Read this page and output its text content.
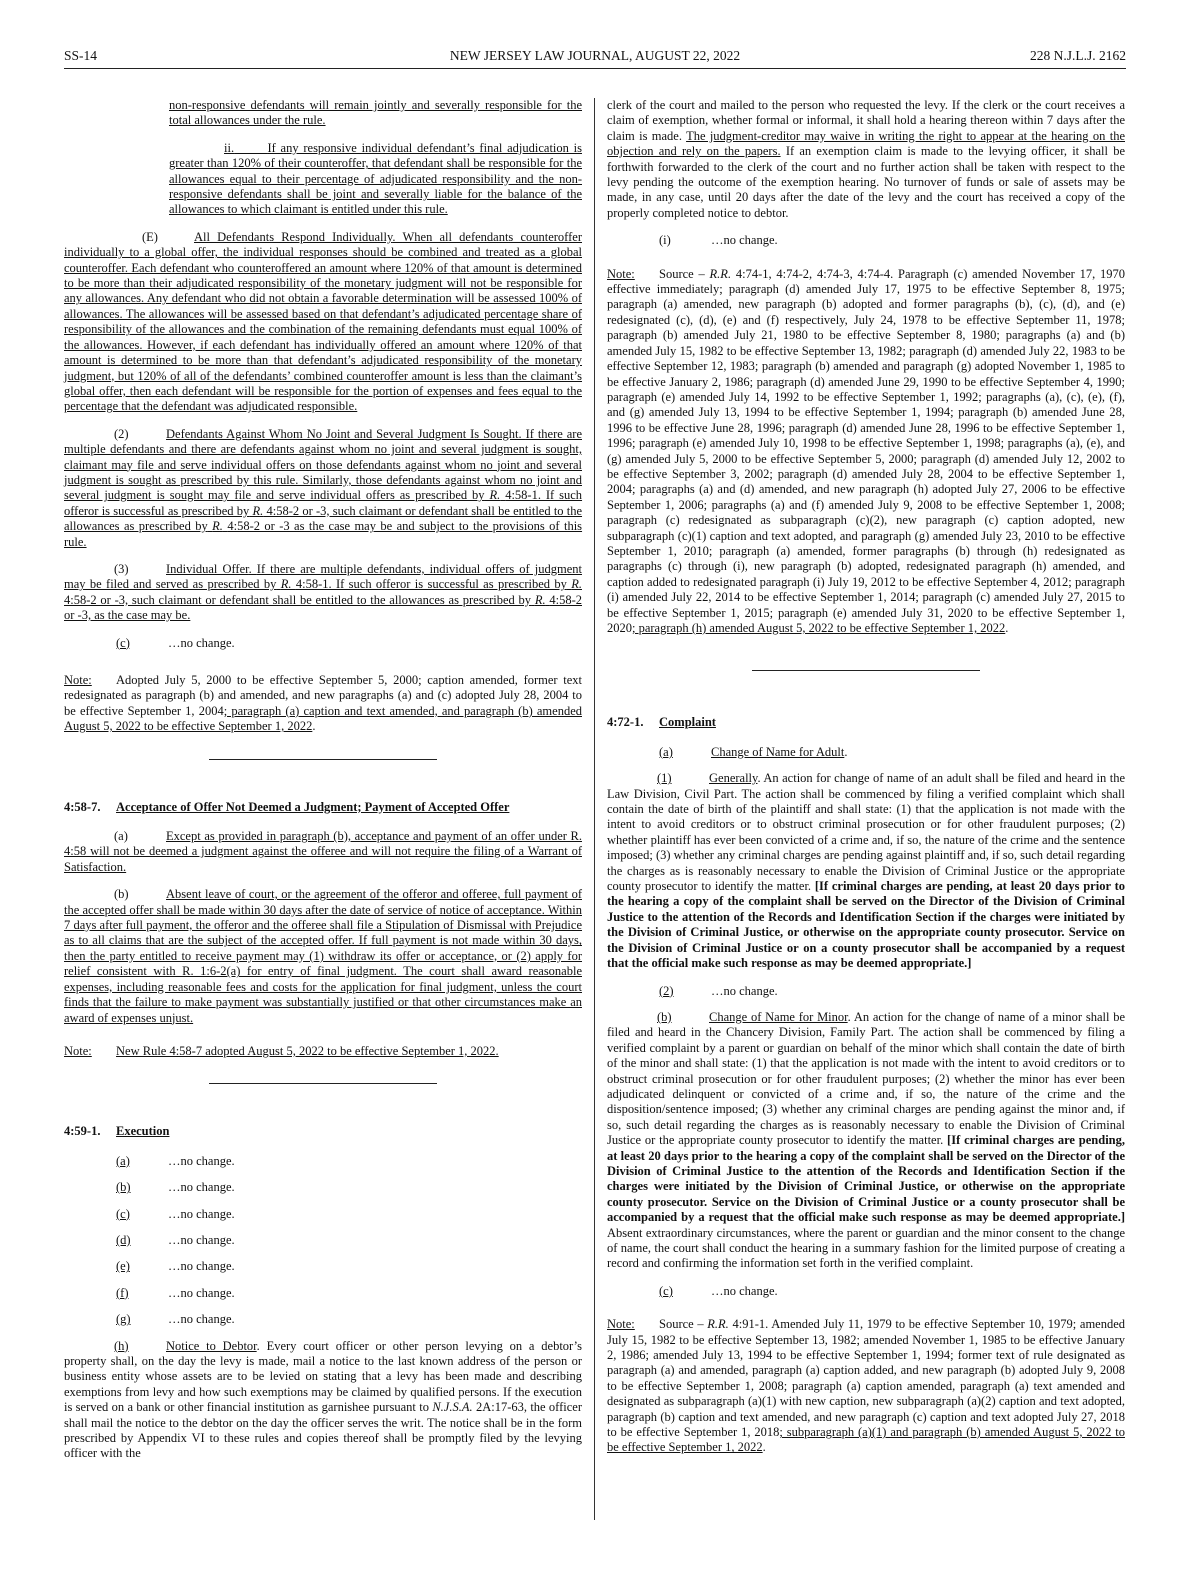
SS-14	NEW JERSEY LAW JOURNAL, AUGUST 22, 2022	228 N.J.L.J. 2162

non-responsive defendants will remain jointly and severally responsible for the total allowances under the rule.

ii.	If any responsive individual defendant’s final adjudication is greater than 120% of their counteroffer, that defendant shall be responsible for the allowances equal to their percentage of adjudicated responsibility and the non-responsive defendants shall be joint and severally liable for the balance of the allowances to which claimant is entitled under this rule.

(E)	All Defendants Respond Individually. When all defendants counteroffer individually to a global offer, the individual responses should be combined and treated as a global counteroffer. Each defendant who counteroffered an amount where 120% of that amount is determined to be more than their adjudicated responsibility of the monetary judgment will not be responsible for any allowances. Any defendant who did not obtain a favorable determination will be assessed 100% of allowances. The allowances will be assessed based on that defendant’s adjudicated percentage share of responsibility of the allowances and the combination of the remaining defendants must equal 100% of the allowances. However, if each defendant has individually offered an amount where 120% of that amount is determined to be more than that defendant’s adjudicated responsibility of the monetary judgment, but 120% of all of the defendants’ combined counteroffer amount is less than the claimant’s global offer, then each defendant will be responsible for the portion of expenses and fees equal to the percentage that the defendant was adjudicated responsible.

(2)	Defendants Against Whom No Joint and Several Judgment Is Sought. If there are multiple defendants and there are defendants against whom no joint and several judgment is sought, claimant may file and serve individual offers on those defendants against whom no joint and several judgment is sought as prescribed by this rule. Similarly, those defendants against whom no joint and several judgment is sought may file and serve individual offers as prescribed by R. 4:58-1. If such offeror is successful as prescribed by R. 4:58-2 or -3, such claimant or defendant shall be entitled to the allowances as prescribed by R. 4:58-2 or -3 as the case may be and subject to the provisions of this rule.

(3)	Individual Offer. If there are multiple defendants, individual offers of judgment may be filed and served as prescribed by R. 4:58-1. If such offeror is successful as prescribed by R. 4:58-2 or -3, such claimant or defendant shall be entitled to the allowances as prescribed by R. 4:58-2 or -3, as the case may be.

(c)	…no change.

Note: Adopted July 5, 2000 to be effective September 5, 2000; caption amended, former text redesignated as paragraph (b) and amended, and new paragraphs (a) and (c) adopted July 28, 2004 to be effective September 1, 2004; paragraph (a) caption and text amended, and paragraph (b) amended August 5, 2022 to be effective September 1, 2022.

4:58-7. Acceptance of Offer Not Deemed a Judgment; Payment of Accepted Offer

(a)	Except as provided in paragraph (b), acceptance and payment of an offer under R. 4:58 will not be deemed a judgment against the offeree and will not require the filing of a Warrant of Satisfaction.

(b)	Absent leave of court, or the agreement of the offeror and offeree, full payment of the accepted offer shall be made within 30 days after the date of service of notice of acceptance. Within 7 days after full payment, the offeror and the offeree shall file a Stipulation of Dismissal with Prejudice as to all claims that are the subject of the accepted offer. If full payment is not made within 30 days, then the party entitled to receive payment may (1) withdraw its offer or acceptance, or (2) apply for relief consistent with R. 1:6-2(a) for entry of final judgment. The court shall award reasonable expenses, including reasonable fees and costs for the application for final judgment, unless the court finds that the failure to make payment was substantially justified or that other circumstances make an award of expenses unjust.

Note: New Rule 4:58-7 adopted August 5, 2022 to be effective September 1, 2022.

4:59-1. Execution

(a)	…no change.

(b)	…no change.

(c)	…no change.

(d)	…no change.

(e)	…no change.

(f)	…no change.

(g)	…no change.

(h)	Notice to Debtor. Every court officer or other person levying on a debtor’s property shall, on the day the levy is made, mail a notice to the last known address of the person or business entity whose assets are to be levied on stating that a levy has been made and describing exemptions from levy and how such exemptions may be claimed by qualified persons. If the execution is served on a bank or other financial institution as garnishee pursuant to N.J.S.A. 2A:17-63, the officer shall mail the notice to the debtor on the day the officer serves the writ. The notice shall be in the form prescribed by Appendix VI to these rules and copies thereof shall be promptly filed by the levying officer with the

clerk of the court and mailed to the person who requested the levy. If the clerk or the court receives a claim of exemption, whether formal or informal, it shall hold a hearing thereon within 7 days after the claim is made. The judgment-creditor may waive in writing the right to appear at the hearing on the objection and rely on the papers. If an exemption claim is made to the levying officer, it shall be forthwith forwarded to the clerk of the court and no further action shall be taken with respect to the levy pending the outcome of the exemption hearing. No turnover of funds or sale of assets may be made, in any case, until 20 days after the date of the levy and the court has received a copy of the properly completed notice to debtor.

(i)	…no change.

Note: Source – R.R. 4:74-1, 4:74-2, 4:74-3, 4:74-4. Paragraph (c) amended November 17, 1970 effective immediately; paragraph (d) amended July 17, 1975 to be effective September 8, 1975; paragraph (a) amended, new paragraph (b) adopted and former paragraphs (b), (c), (d), and (e) redesignated (c), (d), (e) and (f) respectively, July 24, 1978 to be effective September 11, 1978; paragraph (b) amended July 21, 1980 to be effective September 8, 1980; paragraphs (a) and (b) amended July 15, 1982 to be effective September 13, 1982; paragraph (d) amended July 22, 1983 to be effective September 12, 1983; paragraph (b) amended and paragraph (g) adopted November 1, 1985 to be effective January 2, 1986; paragraph (d) amended June 29, 1990 to be effective September 4, 1990; paragraph (e) amended July 14, 1992 to be effective September 1, 1992; paragraphs (a), (c), (e), (f), and (g) amended July 13, 1994 to be effective September 1, 1994; paragraph (b) amended June 28, 1996 to be effective June 28, 1996; paragraph (d) amended June 28, 1996 to be effective September 1, 1996; paragraph (e) amended July 10, 1998 to be effective September 1, 1998; paragraphs (a), (e), and (g) amended July 5, 2000 to be effective September 5, 2000; paragraph (d) amended July 12, 2002 to be effective September 3, 2002; paragraph (d) amended July 28, 2004 to be effective September 1, 2004; paragraphs (a) and (d) amended, and new paragraph (h) adopted July 27, 2006 to be effective September 1, 2006; paragraphs (a) and (f) amended July 9, 2008 to be effective September 1, 2008; paragraph (c) redesignated as subparagraph (c)(2), new paragraph (c) caption adopted, new subparagraph (c)(1) caption and text adopted, and paragraph (g) amended July 23, 2010 to be effective September 1, 2010; paragraph (a) amended, former paragraphs (b) through (h) redesignated as paragraphs (c) through (i), new paragraph (b) adopted, redesignated paragraph (h) amended, and caption added to redesignated paragraph (i) July 19, 2012 to be effective September 4, 2012; paragraph (i) amended July 22, 2014 to be effective September 1, 2014; paragraph (c) amended July 27, 2015 to be effective September 1, 2015; paragraph (e) amended July 31, 2020 to be effective September 1, 2020; paragraph (h) amended August 5, 2022 to be effective September 1, 2022.

4:72-1. Complaint

(a)	Change of Name for Adult.

(1)	Generally. An action for change of name of an adult shall be filed and heard in the Law Division, Civil Part. The action shall be commenced by filing a verified complaint which shall contain the date of birth of the plaintiff and shall state: (1) that the application is not made with the intent to avoid creditors or to obstruct criminal prosecution or for other fraudulent purposes; (2) whether plaintiff has ever been convicted of a crime and, if so, the nature of the crime and the sentence imposed; (3) whether any criminal charges are pending against plaintiff and, if so, such detail regarding the charges as is reasonably necessary to enable the Division of Criminal Justice or the appropriate county prosecutor to identify the matter. [If criminal charges are pending, at least 20 days prior to the hearing a copy of the complaint shall be served on the Director of the Division of Criminal Justice to the attention of the Records and Identification Section if the charges were initiated by the Division of Criminal Justice, or otherwise on the appropriate county prosecutor. Service on the Division of Criminal Justice or on a county prosecutor shall be accompanied by a request that the official make such response as may be deemed appropriate.]

(2)	…no change.

(b)	Change of Name for Minor. An action for the change of name of a minor shall be filed and heard in the Chancery Division, Family Part. The action shall be commenced by filing a verified complaint by a parent or guardian on behalf of the minor which shall contain the date of birth of the minor and shall state: (1) that the application is not made with the intent to avoid creditors or to obstruct criminal prosecution or for other fraudulent purposes; (2) whether the minor has ever been adjudicated delinquent or convicted of a crime and, if so, the nature of the crime and the disposition/sentence imposed; (3) whether any criminal charges are pending against the minor and, if so, such detail regarding the charges as is reasonably necessary to enable the Division of Criminal Justice or the appropriate county prosecutor to identify the matter. [If criminal charges are pending, at least 20 days prior to the hearing a copy of the complaint shall be served on the Director of the Division of Criminal Justice to the attention of the Records and Identification Section if the charges were initiated by the Division of Criminal Justice, or otherwise on the appropriate county prosecutor. Service on the Division of Criminal Justice or a county prosecutor shall be accompanied by a request that the official make such response as may be deemed appropriate.] Absent extraordinary circumstances, where the parent or guardian and the minor consent to the change of name, the court shall conduct the hearing in a summary fashion for the limited purpose of creating a record and confirming the information set forth in the verified complaint.

(c)	…no change.

Note: Source – R.R. 4:91-1. Amended July 11, 1979 to be effective September 10, 1979; amended July 15, 1982 to be effective September 13, 1982; amended November 1, 1985 to be effective January 2, 1986; amended July 13, 1994 to be effective September 1, 1994; former text of rule designated as paragraph (a) and amended, paragraph (a) caption added, and new paragraph (b) adopted July 9, 2008 to be effective September 1, 2008; paragraph (a) caption amended, paragraph (a) text amended and designated as subparagraph (a)(1) with new caption, new subparagraph (a)(2) caption and text adopted, paragraph (b) caption and text amended, and new paragraph (c) caption and text adopted July 27, 2018 to be effective September 1, 2018; subparagraph (a)(1) and paragraph (b) amended August 5, 2022 to be effective September 1, 2022.
